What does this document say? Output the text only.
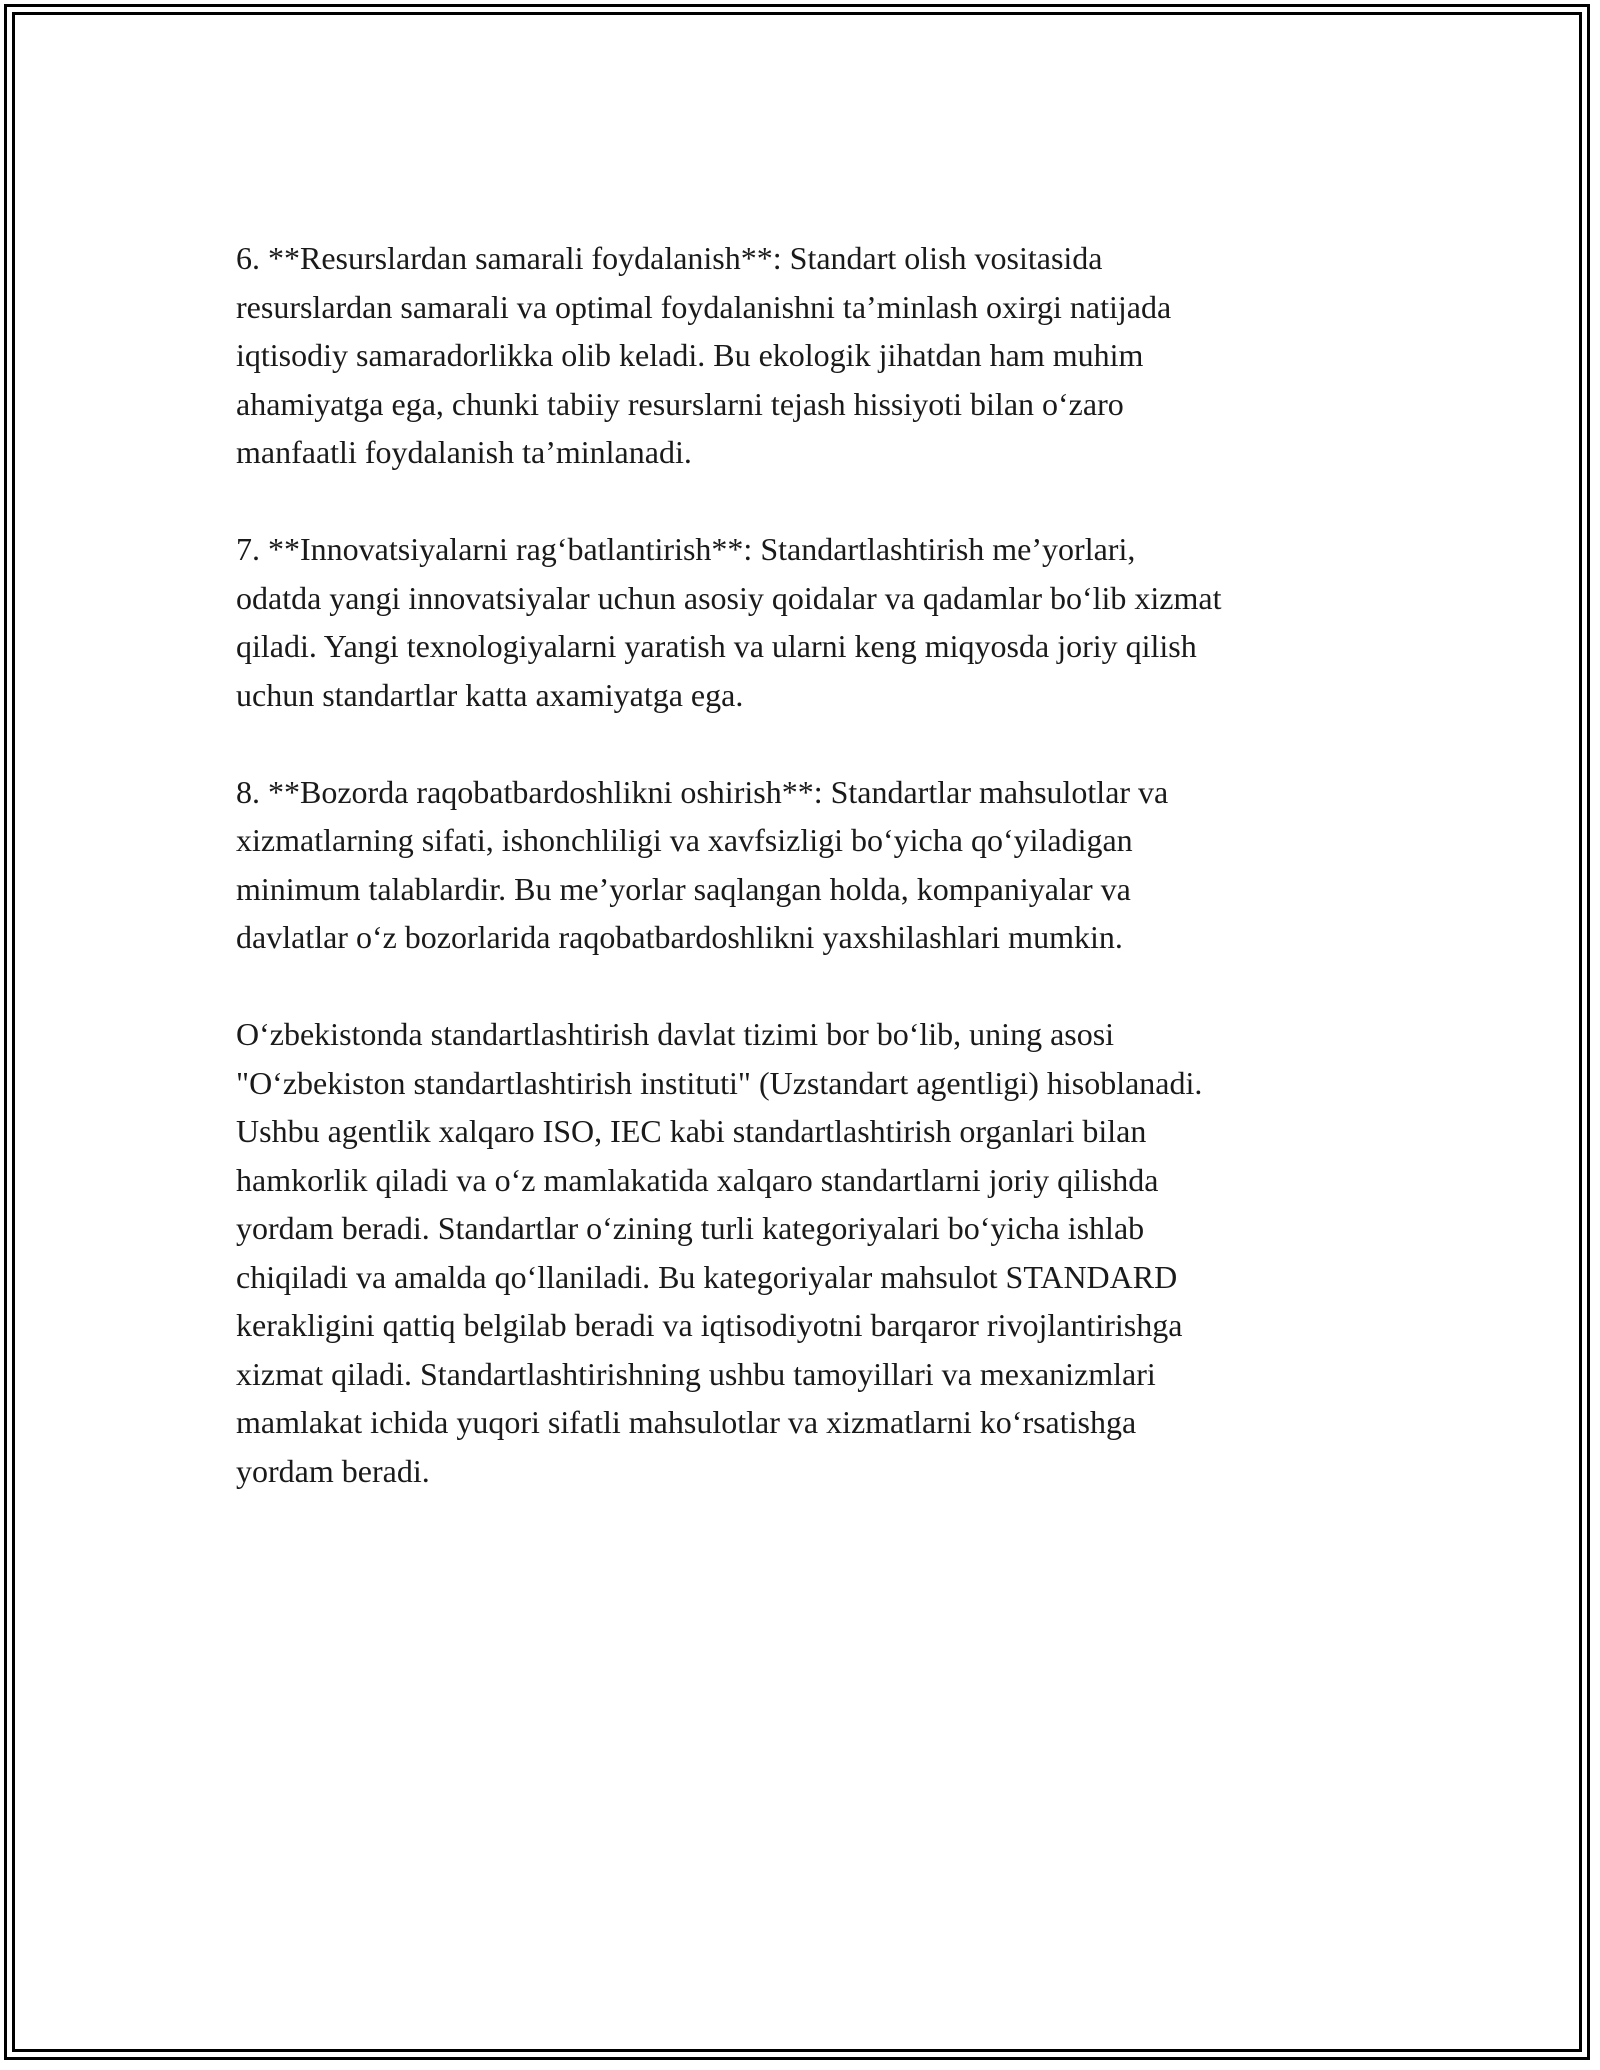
6. **Resurslardan samarali foydalanish**: Standart olish vositasida
resurslardan samarali va optimal foydalanishni ta’minlash oxirgi natijada
iqtisodiy samaradorlikka olib keladi. Bu ekologik jihatdan ham muhim
ahamiyatga ega, chunki tabiiy resurslarni tejash hissiyoti bilan o‘zaro
manfaatli foydalanish ta’minlanadi.

7. **Innovatsiyalarni rag‘batlantirish**: Standartlashtirish me’yorlari,
odatda yangi innovatsiyalar uchun asosiy qoidalar va qadamlar bo‘lib xizmat
qiladi. Yangi texnologiyalarni yaratish va ularni keng miqyosda joriy qilish
uchun standartlar katta axamiyatga ega.

8. **Bozorda raqobatbardoshlikni oshirish**: Standartlar mahsulotlar va
xizmatlarning sifati, ishonchliligi va xavfsizligi bo‘yicha qo‘yiladigan
minimum talablardir. Bu me’yorlar saqlangan holda, kompaniyalar va
davlatlar o‘z bozorlarida raqobatbardoshlikni yaxshilashlari mumkin.

O‘zbekistonda standartlashtirish davlat tizimi bor bo‘lib, uning asosi
"O‘zbekiston standartlashtirish instituti" (Uzstandart agentligi) hisoblanadi.
Ushbu agentlik xalqaro ISO, IEC kabi standartlashtirish organlari bilan
hamkorlik qiladi va o‘z mamlakatida xalqaro standartlarni joriy qilishda
yordam beradi. Standartlar o‘zining turli kategoriyalari bo‘yicha ishlab
chiqiladi va amalda qo‘llaniladi. Bu kategoriyalar mahsulot STANDARD
kerakligini qattiq belgilab beradi va iqtisodiyotni barqaror rivojlantirishga
xizmat qiladi. Standartlashtirishning ushbu tamoyillari va mexanizmlari
mamlakat ichida yuqori sifatli mahsulotlar va xizmatlarni ko‘rsatishga
yordam beradi.
